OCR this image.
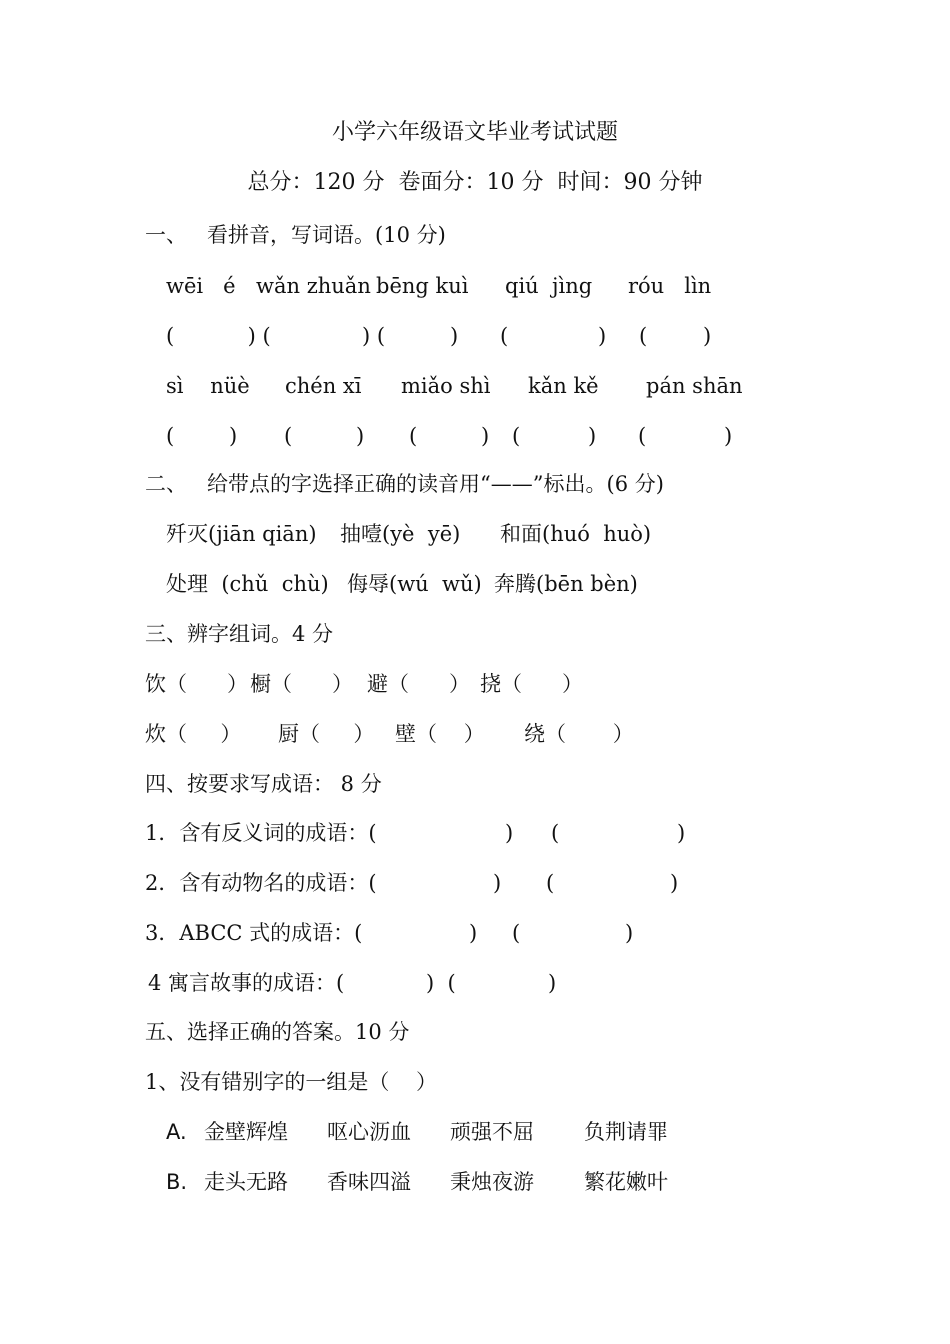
小学六年级语文毕业考试试题
总分：120 分  卷面分：10 分  时间：90 分钟
一、   看拼音，写词语。(10 分)
wēi   é wǎn zhuǎn bēng kuì qiú  jìng róu   lìn
(           ) (	) (	) (	) (	)
sì    nüè chén xī miǎo shì kǎn kě pán shān
(	) (	) (	) (	) (	)
二、   给带点的字选择正确的读音用“——”标出。(6 分)
歼灭(jiān qiān) 抽噎(yè  yē) 和面(huó  huò)
处理  (chǔ  chù) 侮辱(wú  wǔ) 奔腾(bēn bèn)
三、辨字组词。4 分
饮（      ） 橱（      ） 避（      ） 挠（      ）
炊（     ） 厨（     ） 壁（    ） 绕（       ）
四、按要求写成语： 8 分
1．含有反义词的成语：(	) (	)
2．含有动物名的成语：(	) (	)
3．ABCC 式的成语：(	) (	)
4 寓言故事的成语：(	)  (	)
五、选择正确的答案。10 分
1、没有错别字的一组是（    ）
A. 金壁辉煌 呕心沥血 顽强不屈 负荆请罪
B. 走头无路 香味四溢 秉烛夜游 繁花嫩叶
